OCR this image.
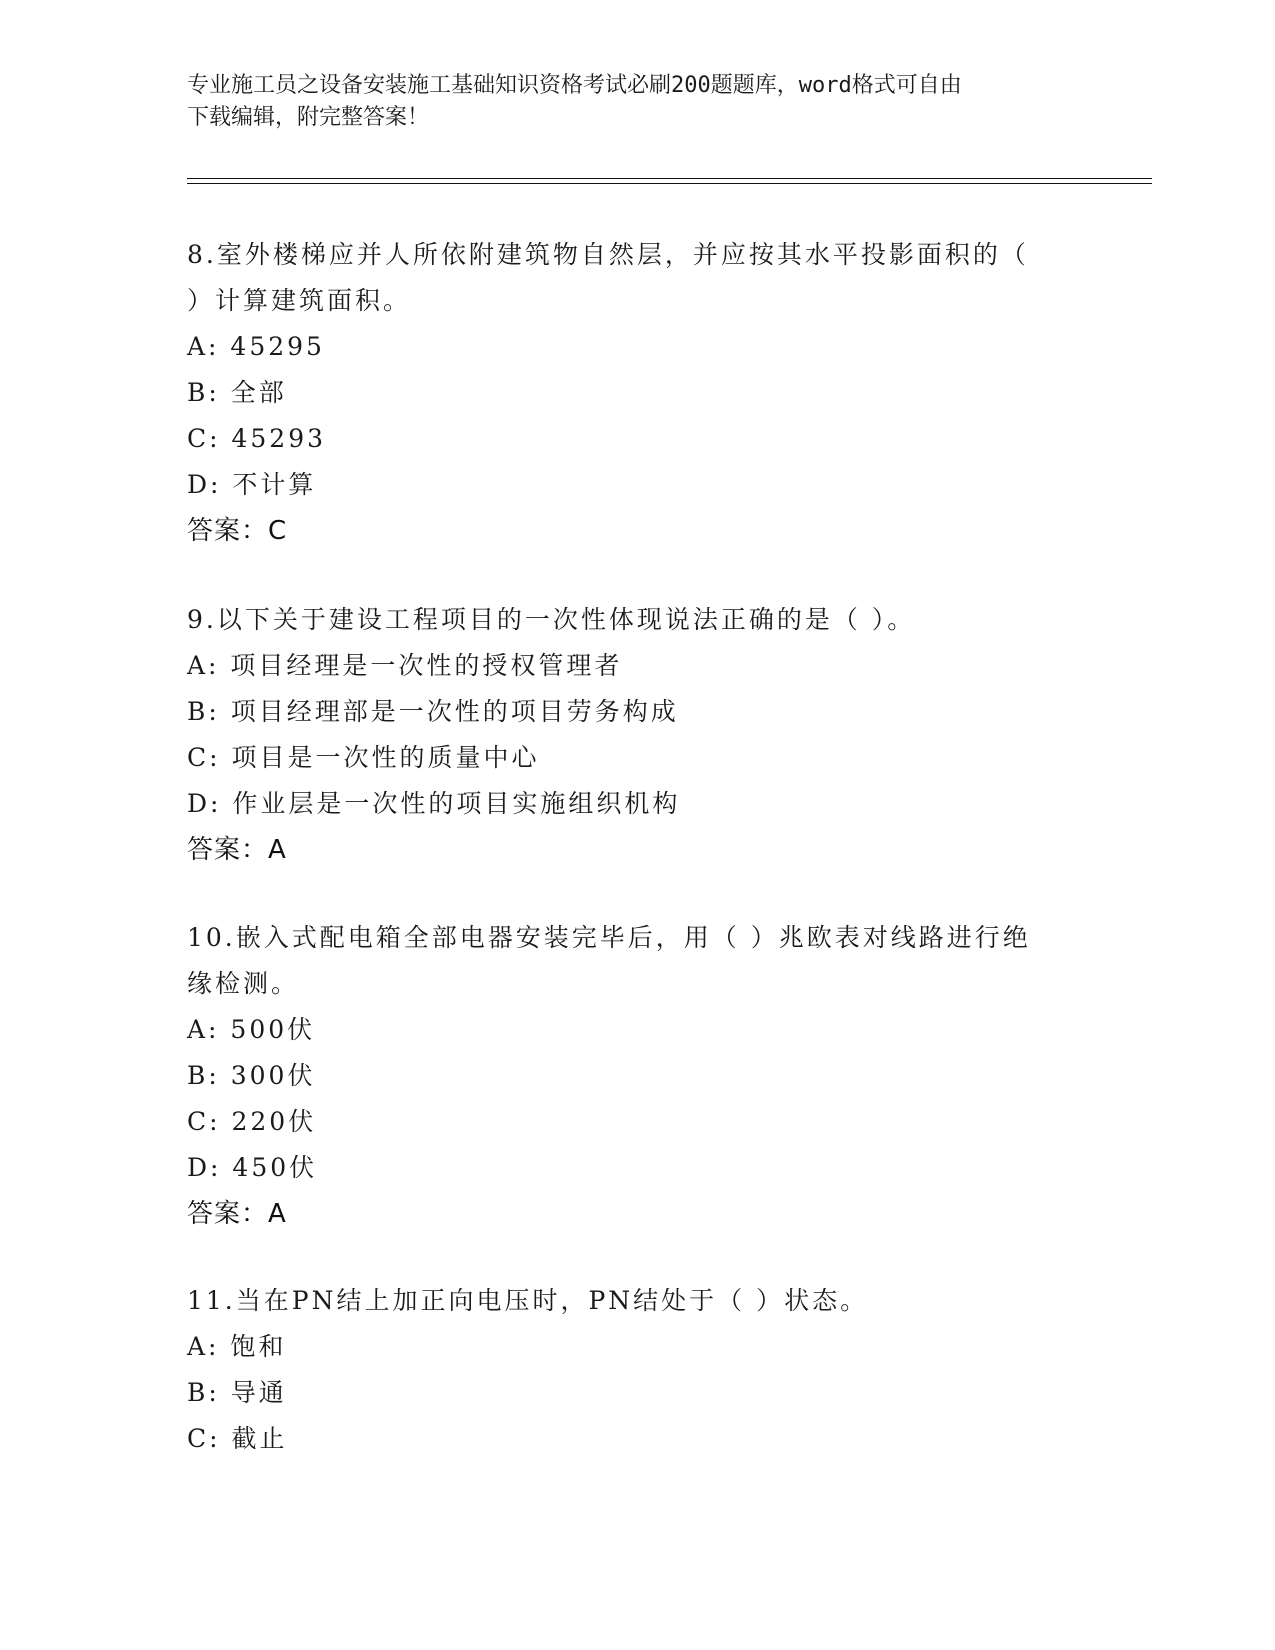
专业施工员之设备安装施工基础知识资格考试必刷200题题库，word格式可自由
下载编辑，附完整答案！

8.室外楼梯应并人所依附建筑物自然层，并应按其水平投影面积的（

）计算建筑面积。

A: 45295

B: 全部

C: 45293

D: 不计算

答案：C

9.以下关于建设工程项目的一次性体现说法正确的是（ ）。

A: 项目经理是一次性的授权管理者

B: 项目经理部是一次性的项目劳务构成

C: 项目是一次性的质量中心

D: 作业层是一次性的项目实施组织机构

答案：A

10.嵌入式配电箱全部电器安装完毕后，用（ ）兆欧表对线路进行绝

缘检测。

A: 500伏

B: 300伏

C: 220伏

D: 450伏

答案：A

11.当在PN结上加正向电压时，PN结处于（ ）状态。

A: 饱和

B: 导通

C: 截止
